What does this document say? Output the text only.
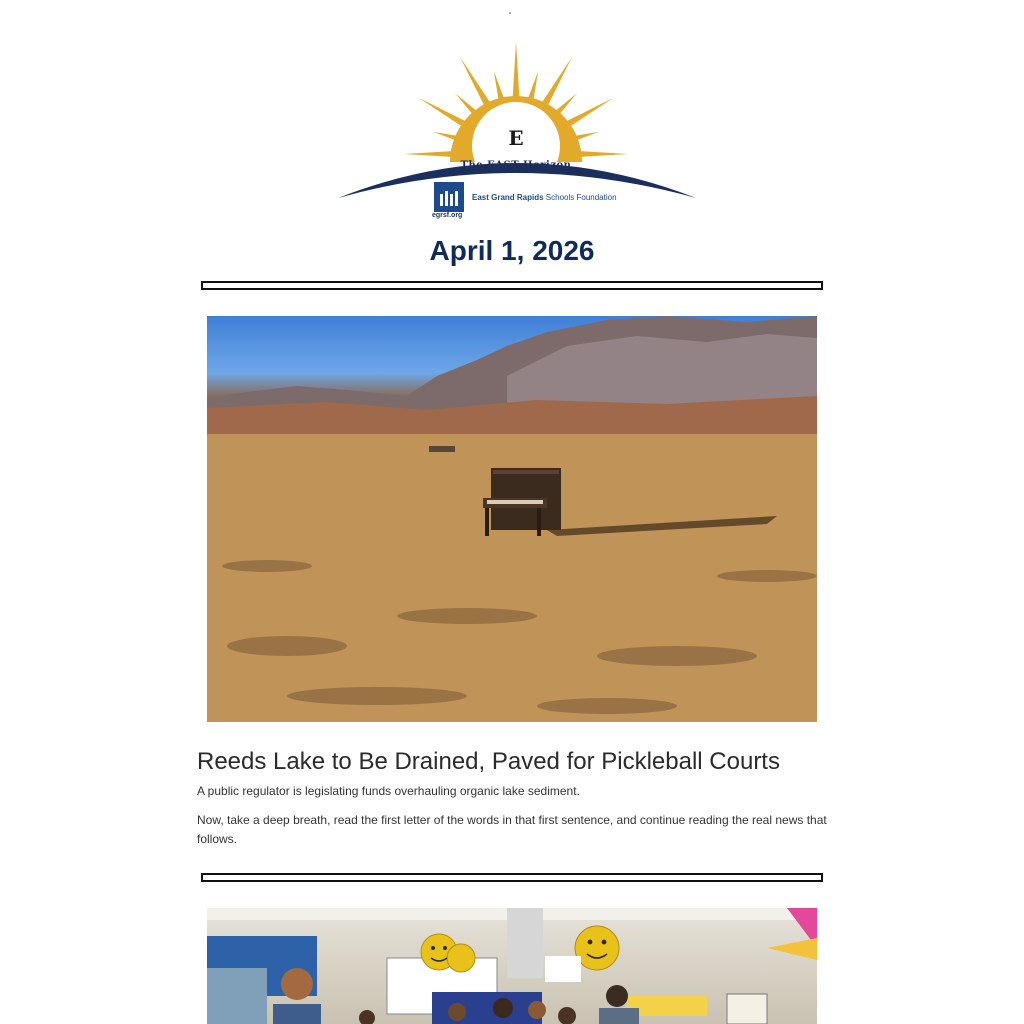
E
The EAST Horizon
egrsf.org
East Grand Rapids Schools Foundation
April 1, 2026
Reeds Lake to Be Drained, Paved for Pickleball Courts
A public regulator is legislating funds overhauling organic lake sediment.
Now, take a deep breath, read the first letter of the words in that first sentence, and continue reading the real news that follows.
